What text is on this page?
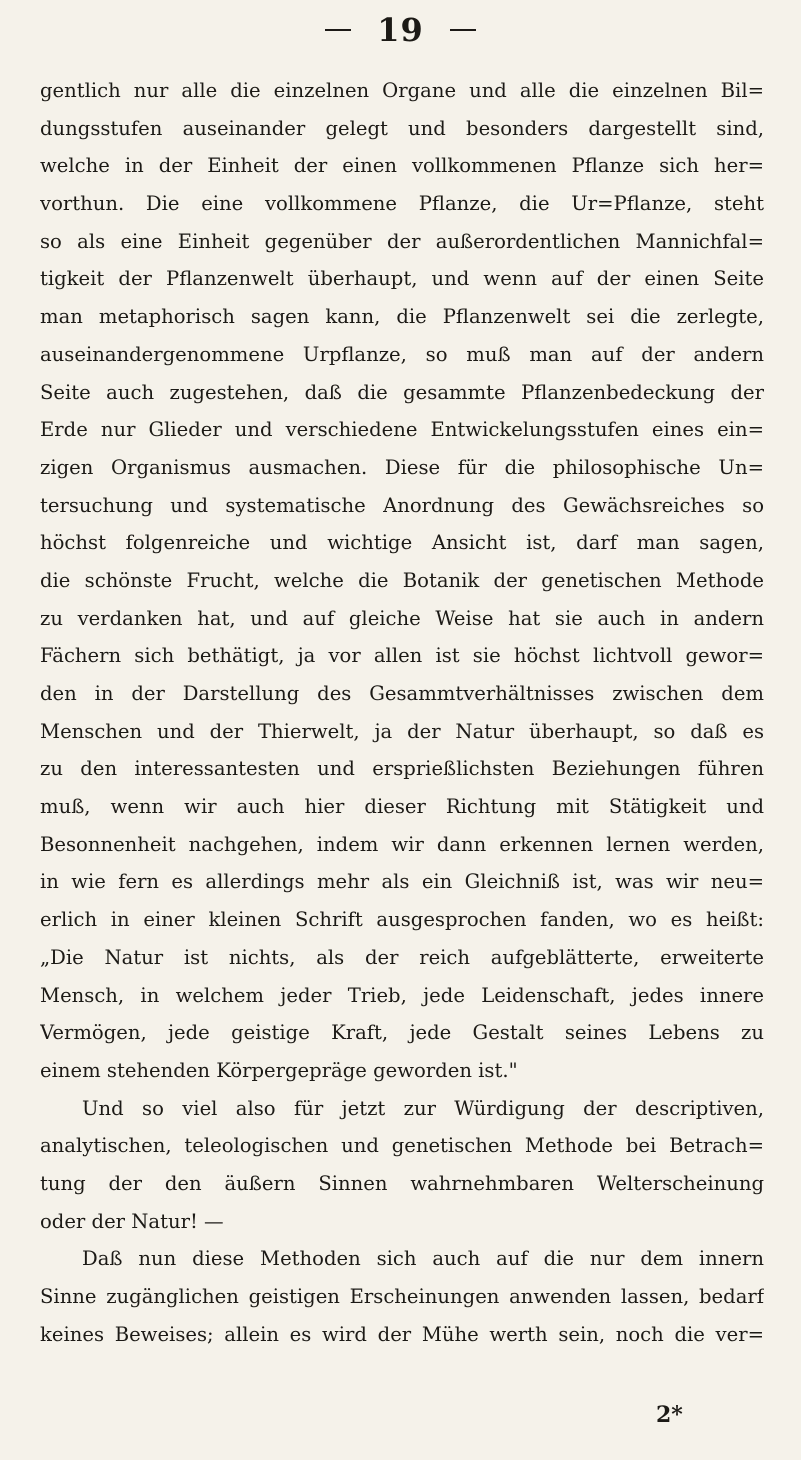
19
gentlich nur alle die einzelnen Organe und alle die einzelnen Bil=
dungsstufen auseinander gelegt und besonders dargestellt sind,
welche in der Einheit der einen vollkommenen Pflanze sich her=
vorthun. Die eine vollkommene Pflanze, die Ur=Pflanze, steht
so als eine Einheit gegenüber der außerordentlichen Mannichfal=
tigkeit der Pflanzenwelt überhaupt, und wenn auf der einen Seite
man metaphorisch sagen kann, die Pflanzenwelt sei die zerlegte,
auseinandergenommene Urpflanze, so muß man auf der andern
Seite auch zugestehen, daß die gesammte Pflanzenbedeckung der
Erde nur Glieder und verschiedene Entwickelungsstufen eines ein=
zigen Organismus ausmachen. Diese für die philosophische Un=
tersuchung und systematische Anordnung des Gewächsreiches so
höchst folgenreiche und wichtige Ansicht ist, darf man sagen,
die schönste Frucht, welche die Botanik der genetischen Methode
zu verdanken hat, und auf gleiche Weise hat sie auch in andern
Fächern sich bethätigt, ja vor allen ist sie höchst lichtvoll gewor=
den in der Darstellung des Gesammtverhältnisses zwischen dem
Menschen und der Thierwelt, ja der Natur überhaupt, so daß es
zu den interessantesten und ersprießlichsten Beziehungen führen
muß, wenn wir auch hier dieser Richtung mit Stätigkeit und
Besonnenheit nachgehen, indem wir dann erkennen lernen werden,
in wie fern es allerdings mehr als ein Gleichniß ist, was wir neu=
erlich in einer kleinen Schrift ausgesprochen fanden, wo es heißt:
„Die Natur ist nichts, als der reich aufgeblätterte, erweiterte
Mensch, in welchem jeder Trieb, jede Leidenschaft, jedes innere
Vermögen, jede geistige Kraft, jede Gestalt seines Lebens zu
einem stehenden Körpergepräge geworden ist."
Und so viel also für jetzt zur Würdigung der descriptiven,
analytischen, teleologischen und genetischen Methode bei Betrach=
tung der den äußern Sinnen wahrnehmbaren Welterscheinung
oder der Natur! —
Daß nun diese Methoden sich auch auf die nur dem innern
Sinne zugänglichen geistigen Erscheinungen anwenden lassen, bedarf
keines Beweises; allein es wird der Mühe werth sein, noch die ver=
2*
